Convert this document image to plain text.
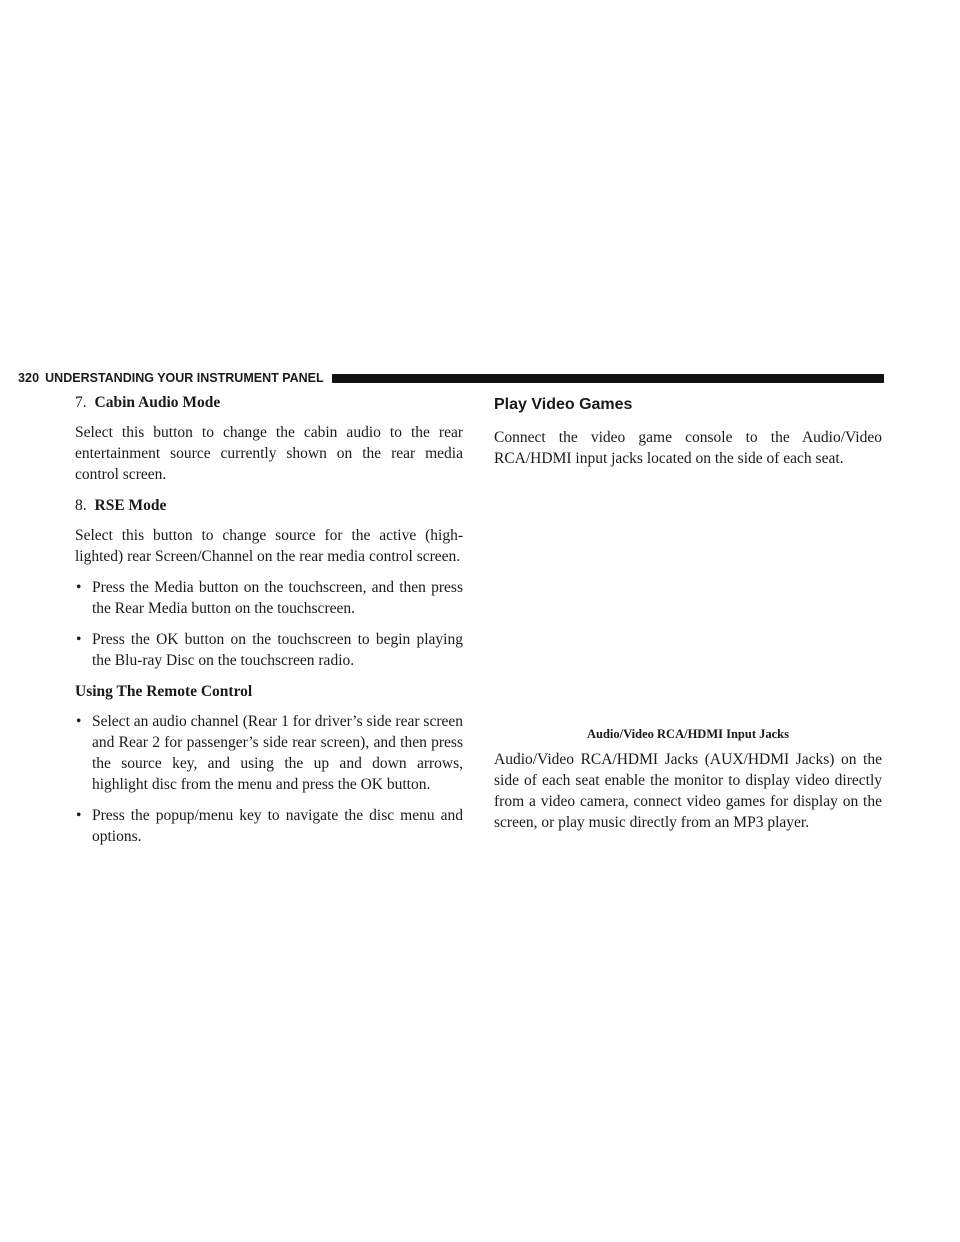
320 UNDERSTANDING YOUR INSTRUMENT PANEL
7. Cabin Audio Mode

Select this button to change the cabin audio to the rear entertainment source currently shown on the rear media control screen.

8. RSE Mode

Select this button to change source for the active (high-lighted) rear Screen/Channel on the rear media control screen.

• Press the Media button on the touchscreen, and then press the Rear Media button on the touchscreen.
• Press the OK button on the touchscreen to begin playing the Blu-ray Disc on the touchscreen radio.
Using The Remote Control
• Select an audio channel (Rear 1 for driver’s side rear screen and Rear 2 for passenger’s side rear screen), and then press the source key, and using the up and down arrows, highlight disc from the menu and press the OK button.
• Press the popup/menu key to navigate the disc menu and options.
Play Video Games

Connect the video game console to the Audio/Video RCA/HDMI input jacks located on the side of each seat.

Audio/Video RCA/HDMI Input Jacks

Audio/Video RCA/HDMI Jacks (AUX/HDMI Jacks) on the side of each seat enable the monitor to display video directly from a video camera, connect video games for display on the screen, or play music directly from an MP3 player.
